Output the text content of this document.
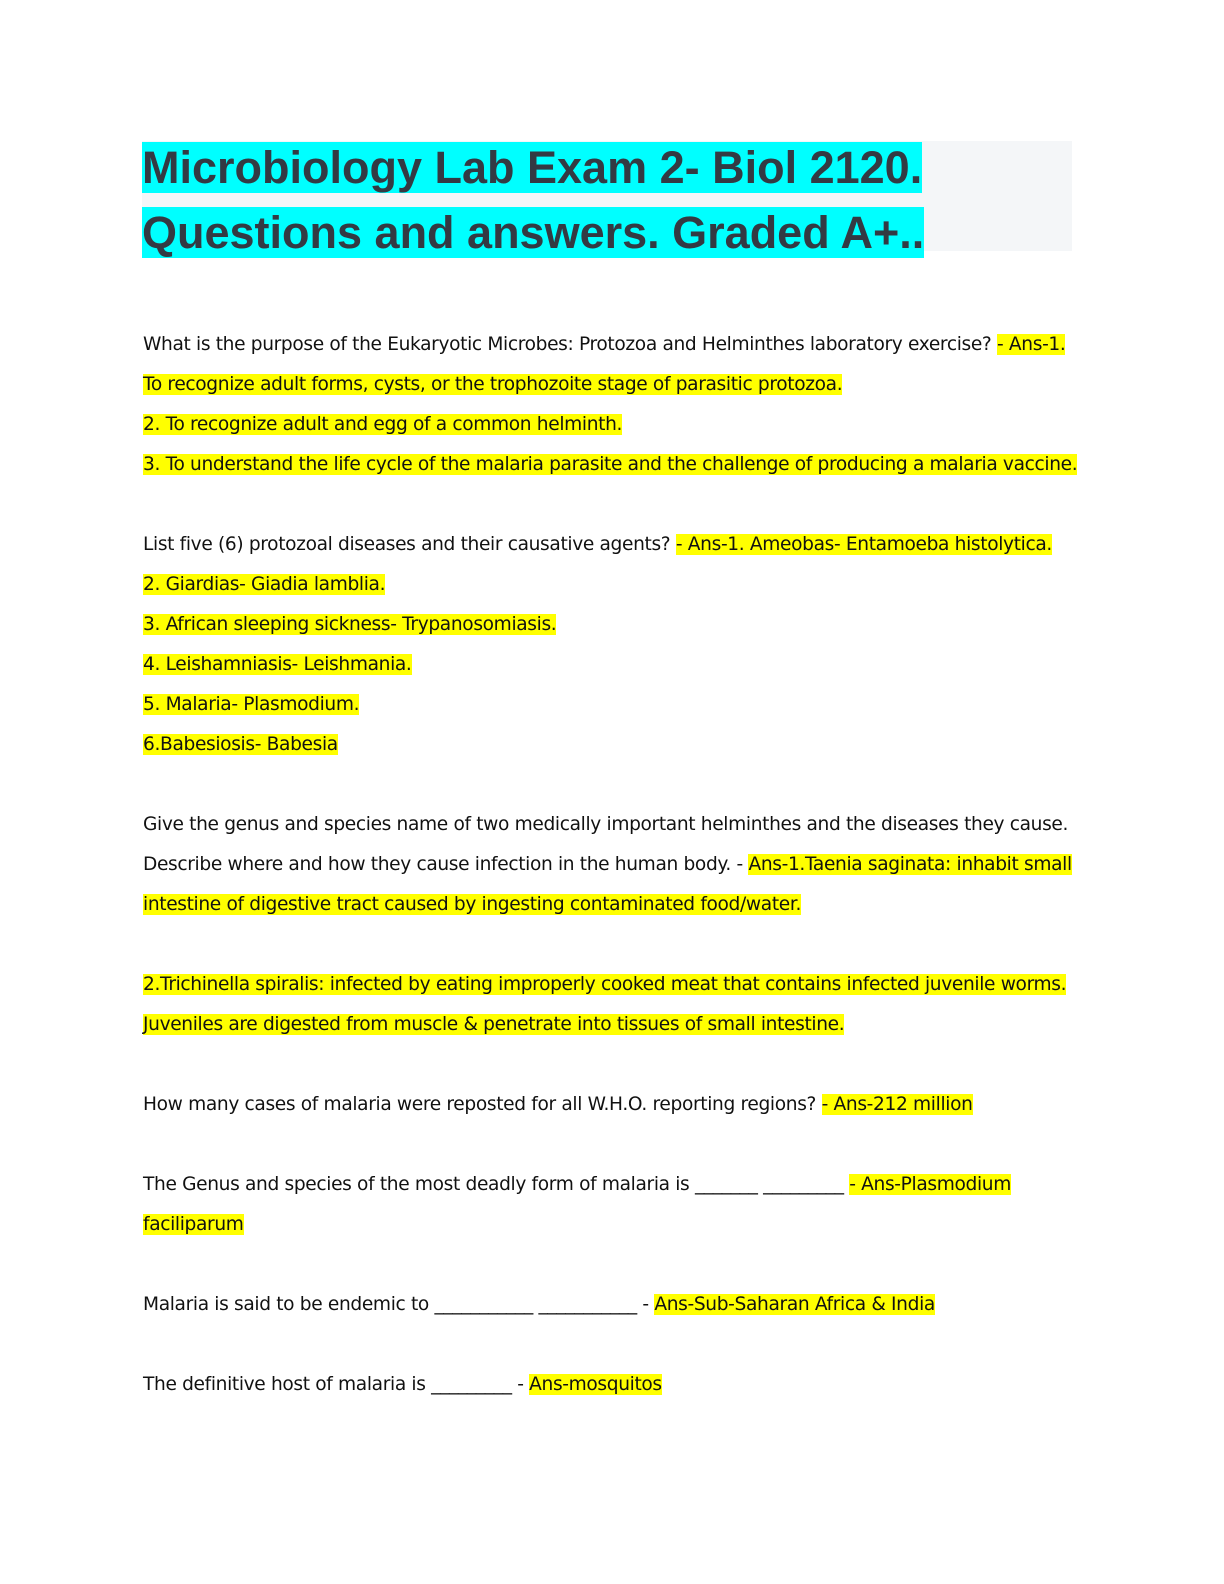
Microbiology Lab Exam 2- Biol 2120.
Questions and answers. Graded A+..
What is the purpose of the Eukaryotic Microbes: Protozoa and Helminthes laboratory exercise? - Ans-1.
To recognize adult forms, cysts, or the trophozoite stage of parasitic protozoa.
2. To recognize adult and egg of a common helminth.
3. To understand the life cycle of the malaria parasite and the challenge of producing a malaria vaccine.
List five (6) protozoal diseases and their causative agents? - Ans-1. Ameobas- Entamoeba histolytica.
2. Giardias- Giadia lamblia.
3. African sleeping sickness- Trypanosomiasis.
4. Leishamniasis- Leishmania.
5. Malaria- Plasmodium.
6.Babesiosis- Babesia
Give the genus and species name of two medically important helminthes and the diseases they cause.
Describe where and how they cause infection in the human body. - Ans-1.Taenia saginata: inhabit small
intestine of digestive tract caused by ingesting contaminated food/water.
2.Trichinella spiralis: infected by eating improperly cooked meat that contains infected juvenile worms.
Juveniles are digested from muscle & penetrate into tissues of small intestine.
How many cases of malaria were reposted for all W.H.O. reporting regions? - Ans-212 million
The Genus and species of the most deadly form of malaria is _______ _________ - Ans-Plasmodium
faciliparum
Malaria is said to be endemic to ___________ ___________ - Ans-Sub-Saharan Africa & India
The definitive host of malaria is _________ - Ans-mosquitos
